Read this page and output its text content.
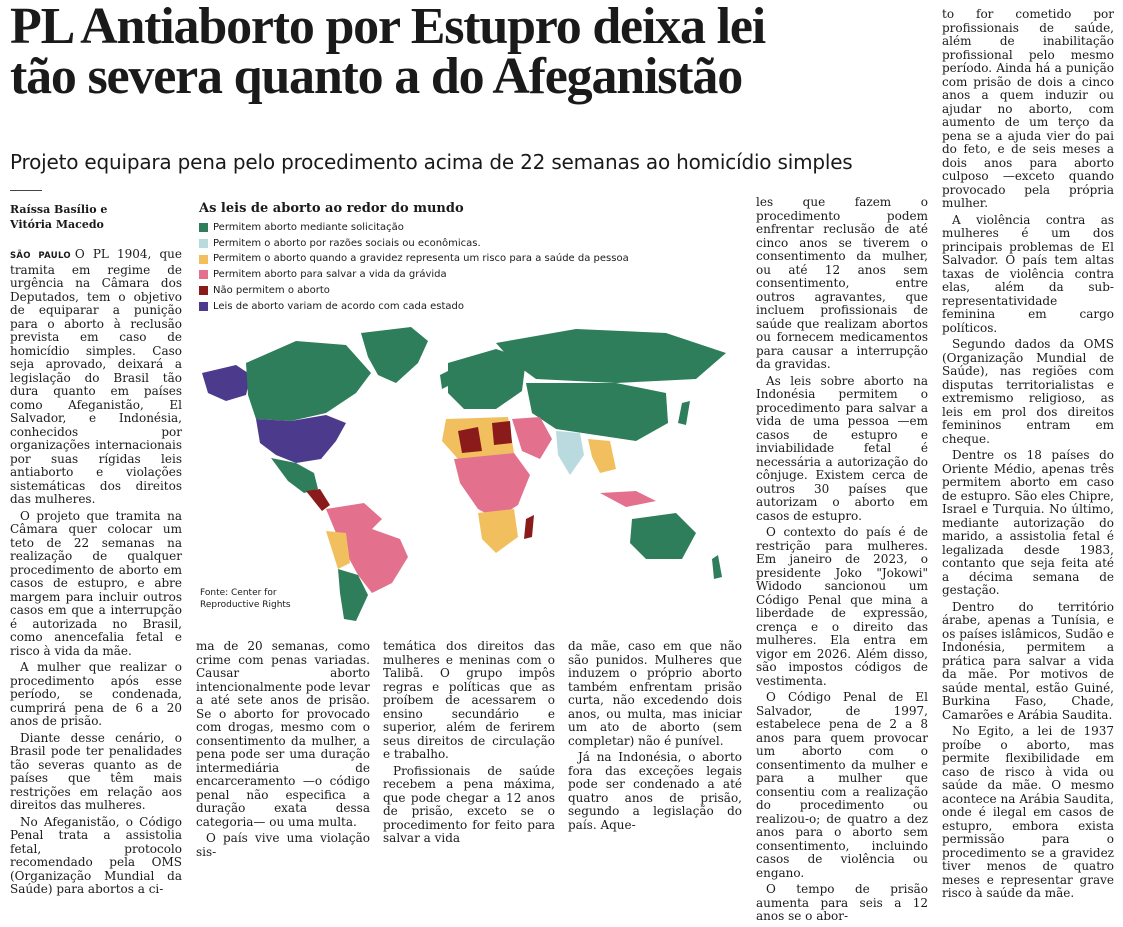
PL Antiaborto por Estupro deixa lei
tão severa quanto a do Afeganistão
Projeto equipara pena pelo procedimento acima de 22 semanas ao homicídio simples
Raíssa Basílio e
Vitória Macedo

SÃO PAULO O PL 1904, que tramita em regime de urgência na Câmara dos Deputados, tem o objetivo de equiparar a punição para o aborto à reclusão prevista em caso de homicídio simples. Caso seja aprovado, deixará a legislação do Brasil tão dura quanto em países como Afeganistão, El Salvador, e Indonésia, conhecidos por organizações internacionais por suas rígidas leis antiaborto e violações sistemáticas dos direitos das mulheres.

O projeto que tramita na Câmara quer colocar um teto de 22 semanas na realização de qualquer procedimento de aborto em casos de estupro, e abre margem para incluir outros casos em que a interrupção é autorizada no Brasil, como anencefalia fetal e risco à vida da mãe.

A mulher que realizar o procedimento após esse período, se condenada, cumprirá pena de 6 a 20 anos de prisão.

Diante desse cenário, o Brasil pode ter penalidades tão severas quanto as de países que têm mais restrições em relação aos direitos das mulheres.

No Afeganistão, o Código Penal trata a assistolia fetal, protocolo recomendado pela OMS (Organização Mundial da Saúde) para abortos a ci-

ma de 20 semanas, como crime com penas variadas. Causar aborto intencionalmente pode levar a até sete anos de prisão. Se o aborto for provocado com drogas, mesmo com o consentimento da mulher, a pena pode ser uma duração intermediária de encarceramento —o código penal não especifica a duração exata dessa categoria— ou uma multa.

O país vive uma violação sis-

temática dos direitos das mulheres e meninas com o Talibã. O grupo impôs regras e políticas que as proíbem de acessarem o ensino secundário e superior, além de ferirem seus direitos de circulação e trabalho.

Profissionais de saúde recebem a pena máxima, que pode chegar a 12 anos de prisão, exceto se o procedimento for feito para salvar a vida

da mãe, caso em que não são punidos. Mulheres que induzem o próprio aborto também enfrentam prisão curta, não excedendo dois anos, ou multa, mas iniciar um ato de aborto (sem completar) não é punível.

Já na Indonésia, o aborto fora das exceções legais pode ser condenado a até quatro anos de prisão, segundo a legislação do país. Aque-

les que fazem o procedimento podem enfrentar reclusão de até cinco anos se tiverem o consentimento da mulher, ou até 12 anos sem consentimento, entre outros agravantes, que incluem profissionais de saúde que realizam abortos ou fornecem medicamentos para causar a interrupção da gravidas.

As leis sobre aborto na Indonésia permitem o procedimento para salvar a vida de uma pessoa —em casos de estupro e inviabilidade fetal é necessária a autorização do cônjuge. Existem cerca de outros 30 países que autorizam o aborto em casos de estupro.

O contexto do país é de restrição para mulheres. Em janeiro de 2023, o presidente Joko "Jokowi" Widodo sancionou um Código Penal que mina a liberdade de expressão, crença e o direito das mulheres. Ela entra em vigor em 2026. Além disso, são impostos códigos de vestimenta.

O Código Penal de El Salvador, de 1997, estabelece pena de 2 a 8 anos para quem provocar um aborto com o consentimento da mulher e para a mulher que consentiu com a realização do procedimento ou realizou-o; de quatro a dez anos para o aborto sem consentimento, incluindo casos de violência ou engano.

O tempo de prisão aumenta para seis a 12 anos se o abor-

to for cometido por profissionais de saúde, além de inabilitação profissional pelo mesmo período. Ainda há a punição com prisão de dois a cinco anos a quem induzir ou ajudar no aborto, com aumento de um terço da pena se a ajuda vier do pai do feto, e de seis meses a dois anos para aborto culposo —exceto quando provocado pela própria mulher.

A violência contra as mulheres é um dos principais problemas de El Salvador. O país tem altas taxas de violência contra elas, além da sub-representatividade feminina em cargo políticos.

Segundo dados da OMS (Organização Mundial de Saúde), nas regiões com disputas territorialistas e extremismo religioso, as leis em prol dos direitos femininos entram em cheque.

Dentre os 18 países do Oriente Médio, apenas três permitem aborto em caso de estupro. São eles Chipre, Israel e Turquia. No último, mediante autorização do marido, a assistolia fetal é legalizada desde 1983, contanto que seja feita até a décima semana de gestação.

Dentro do território árabe, apenas a Tunísia, e os países islâmicos, Sudão e Indonésia, permitem a prática para salvar a vida da mãe. Por motivos de saúde mental, estão Guiné, Burkina Faso, Chade, Camarões e Arábia Saudita.

No Egito, a lei de 1937 proíbe o aborto, mas permite flexibilidade em caso de risco à vida ou saúde da mãe. O mesmo acontece na Arábia Saudita, onde é ilegal em casos de estupro, embora exista permissão para o procedimento se a gravidez tiver menos de quatro meses e representar grave risco à saúde da mãe.

As leis de aborto ao redor do mundo
Permitem aborto mediante solicitação
Permitem o aborto por razões sociais ou econômicas.
Permitem o aborto quando a gravidez representa um risco para a saúde da pessoa
Permitem aborto para salvar a vida da grávida
Não permitem o aborto
Leis de aborto variam de acordo com cada estado
Fonte: Center for
Reproductive Rights
